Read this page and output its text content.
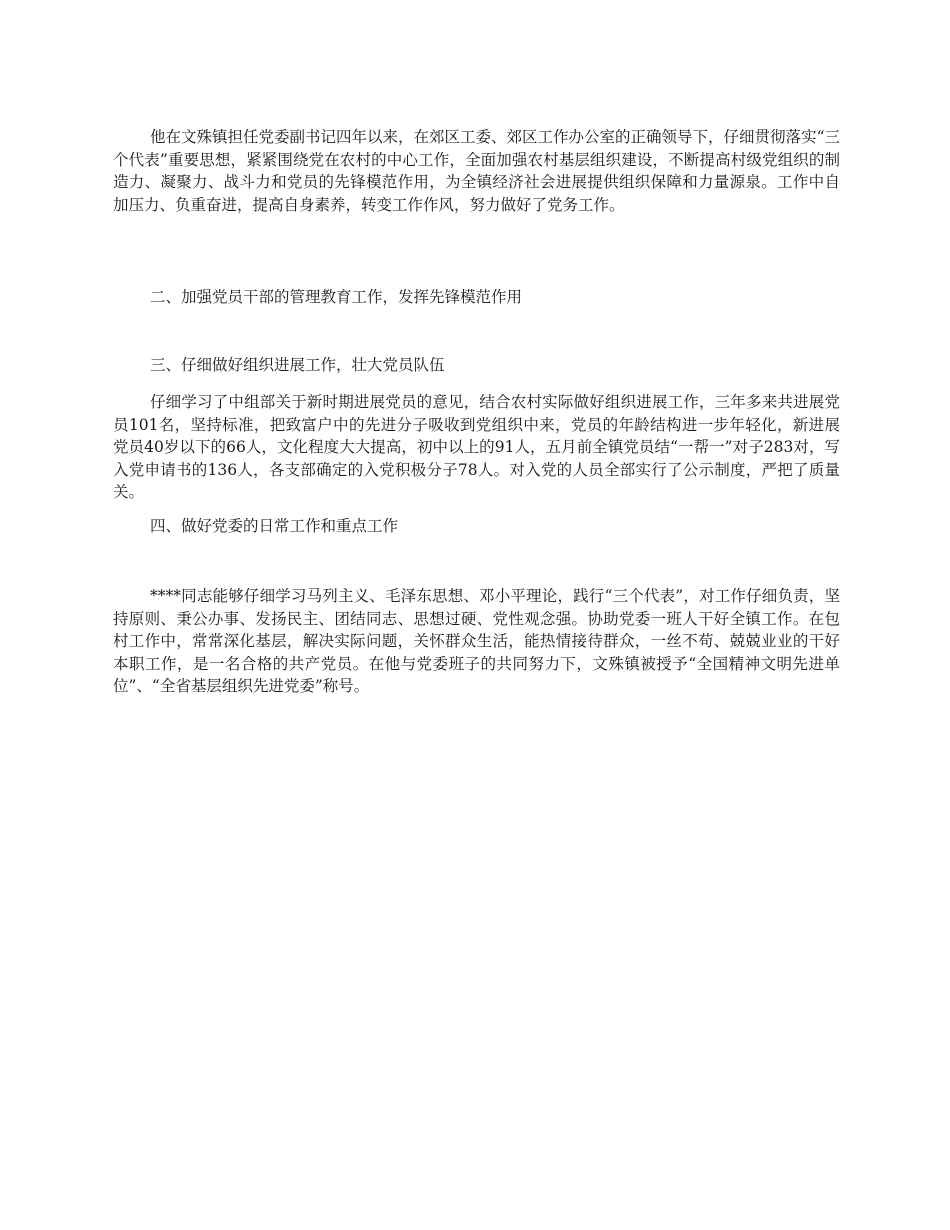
他在文殊镇担任党委副书记四年以来，在郊区工委、郊区工作办公室的正确领导下，仔细贯彻落实“三个代表”重要思想，紧紧围绕党在农村的中心工作，全面加强农村基层组织建设，不断提高村级党组织的制造力、凝聚力、战斗力和党员的先锋模范作用，为全镇经济社会进展提供组织保障和力量源泉。工作中自加压力、负重奋进，提高自身素养，转变工作作风，努力做好了党务工作。

二、加强党员干部的管理教育工作，发挥先锋模范作用

三、仔细做好组织进展工作，壮大党员队伍

仔细学习了中组部关于新时期进展党员的意见，结合农村实际做好组织进展工作，三年多来共进展党员101名，坚持标准，把致富户中的先进分子吸收到党组织中来，党员的年龄结构进一步年轻化，新进展党员40岁以下的66人，文化程度大大提高，初中以上的91人，五月前全镇党员结“一帮一”对子283对，写入党申请书的136人，各支部确定的入党积极分子78人。对入党的人员全部实行了公示制度，严把了质量关。

四、做好党委的日常工作和重点工作

****同志能够仔细学习马列主义、毛泽东思想、邓小平理论，践行“三个代表”，对工作仔细负责，坚持原则、秉公办事、发扬民主、团结同志、思想过硬、党性观念强。协助党委一班人干好全镇工作。在包村工作中，常常深化基层，解决实际问题，关怀群众生活，能热情接待群众，一丝不苟、兢兢业业的干好本职工作，是一名合格的共产党员。在他与党委班子的共同努力下，文殊镇被授予“全国精神文明先进单位”、“全省基层组织先进党委”称号。
